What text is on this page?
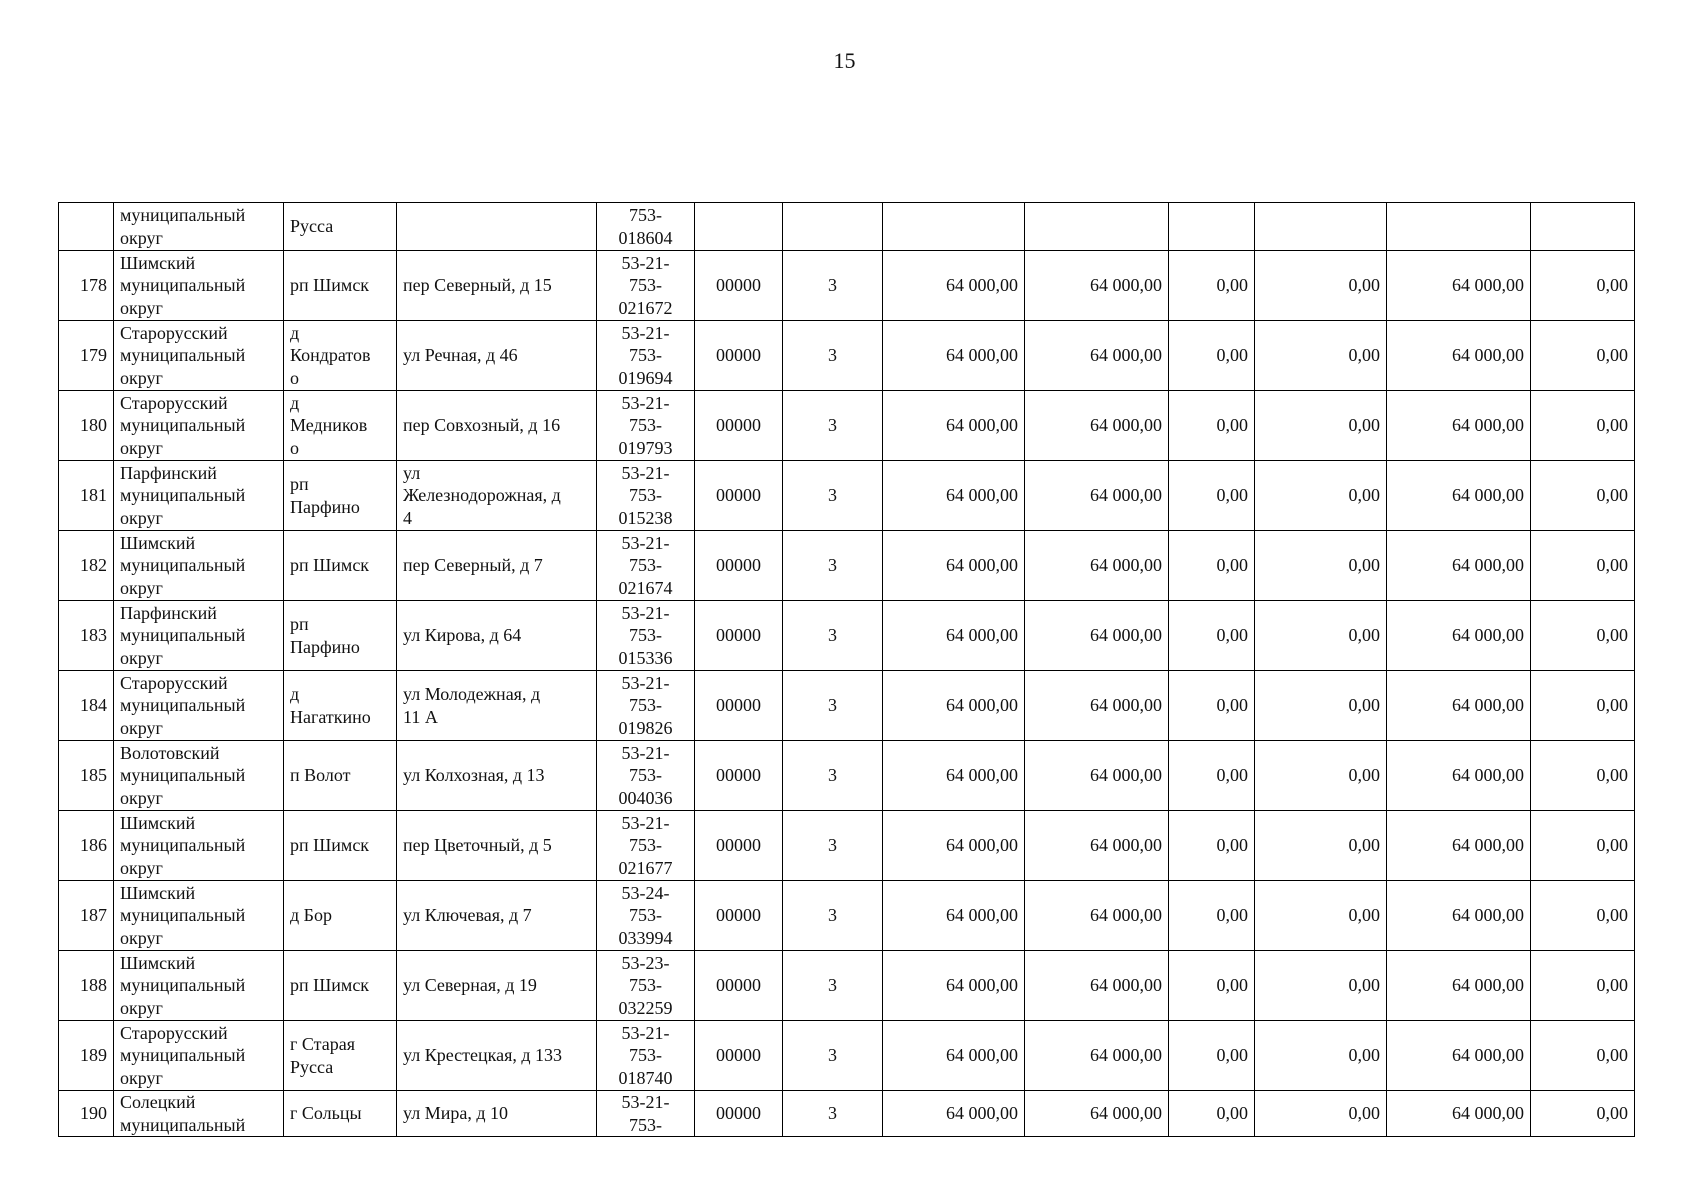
15

	муниципальный
округ	Русса		753-
018604								

178	Шимский
муниципальный
округ	рп Шимск	пер Северный, д 15	53-21-
753-
021672	00000	3	64 000,00	64 000,00	0,00	0,00	64 000,00	0,00
179	Старорусский
муниципальный
округ	д
Кондратов
о	ул Речная, д 46	53-21-
753-
019694	00000	3	64 000,00	64 000,00	0,00	0,00	64 000,00	0,00
180	Старорусский
муниципальный
округ	д
Медников
о	пер Совхозный, д 16	53-21-
753-
019793	00000	3	64 000,00	64 000,00	0,00	0,00	64 000,00	0,00
181	Парфинский
муниципальный
округ	рп
Парфино	ул
Железнодорожная, д
4	53-21-
753-
015238	00000	3	64 000,00	64 000,00	0,00	0,00	64 000,00	0,00
182	Шимский
муниципальный
округ	рп Шимск	пер Северный, д 7	53-21-
753-
021674	00000	3	64 000,00	64 000,00	0,00	0,00	64 000,00	0,00
183	Парфинский
муниципальный
округ	рп
Парфино	ул Кирова, д 64	53-21-
753-
015336	00000	3	64 000,00	64 000,00	0,00	0,00	64 000,00	0,00
184	Старорусский
муниципальный
округ	д
Нагаткино	ул Молодежная, д
11 А	53-21-
753-
019826	00000	3	64 000,00	64 000,00	0,00	0,00	64 000,00	0,00
185	Волотовский
муниципальный
округ	п Волот	ул Колхозная, д 13	53-21-
753-
004036	00000	3	64 000,00	64 000,00	0,00	0,00	64 000,00	0,00
186	Шимский
муниципальный
округ	рп Шимск	пер Цветочный, д 5	53-21-
753-
021677	00000	3	64 000,00	64 000,00	0,00	0,00	64 000,00	0,00
187	Шимский
муниципальный
округ	д Бор	ул Ключевая, д 7	53-24-
753-
033994	00000	3	64 000,00	64 000,00	0,00	0,00	64 000,00	0,00
188	Шимский
муниципальный
округ	рп Шимск	ул Северная, д 19	53-23-
753-
032259	00000	3	64 000,00	64 000,00	0,00	0,00	64 000,00	0,00
189	Старорусский
муниципальный
округ	г Старая
Русса	ул Крестецкая, д 133	53-21-
753-
018740	00000	3	64 000,00	64 000,00	0,00	0,00	64 000,00	0,00
190	Солецкий
муниципальный	г Сольцы	ул Мира, д 10	53-21-
753-	00000	3	64 000,00	64 000,00	0,00	0,00	64 000,00	0,00
